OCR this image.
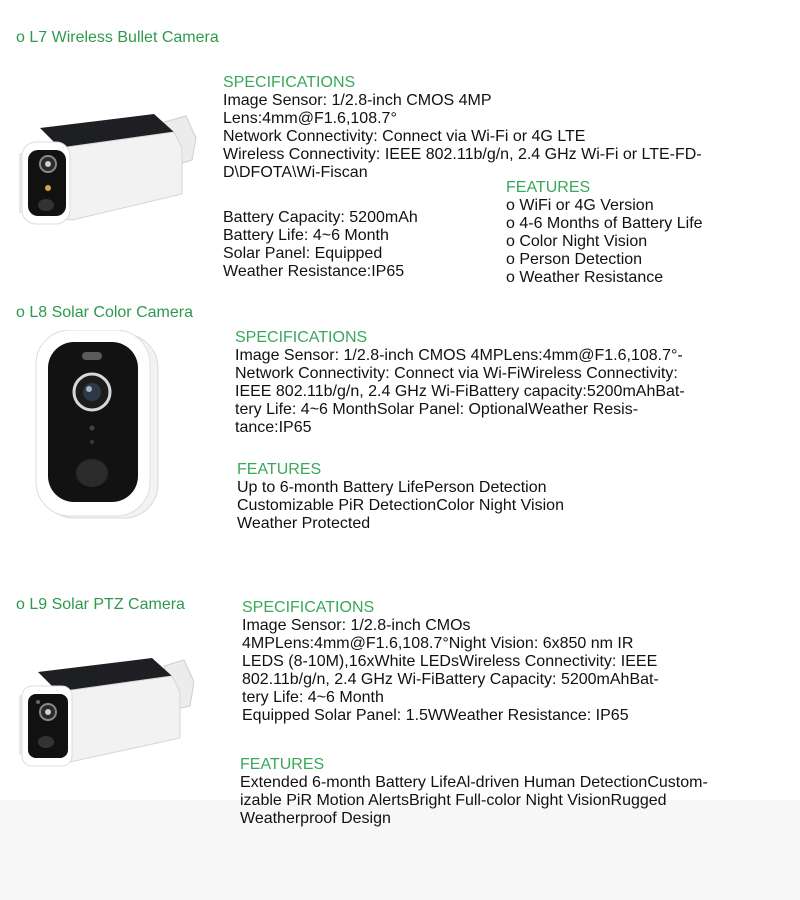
o L7 Wireless Bullet Camera
SPECIFICATIONS
Image Sensor: 1/2.8-inch CMOS 4MP
Lens:4mm@F1.6,108.7°
Network Connectivity: Connect via Wi-Fi or 4G LTE
Wireless Connectivity: IEEE 802.11b/g/n, 2.4 GHz Wi-Fi or LTE-FD-
D\DFOTA\Wi-Fiscan
Battery Capacity: 5200mAh
Battery Life: 4~6 Month
Solar Panel: Equipped
Weather Resistance:IP65
FEATURES
o WiFi or 4G Version
o 4-6 Months of Battery Life
o Color Night Vision
o Person Detection
o Weather Resistance
o L8 Solar Color Camera
SPECIFICATIONS
Image Sensor: 1/2.8-inch CMOS 4MPLens:4mm@F1.6,108.7°-
Network Connectivity: Connect via Wi-FiWireless Connectivity:
IEEE 802.11b/g/n, 2.4 GHz Wi-FiBattery capacity:5200mAhBat-
tery Life: 4~6 MonthSolar Panel: OptionalWeather Resis-
tance:IP65
FEATURES
Up to 6-month Battery LifePerson Detection
Customizable PiR DetectionColor Night Vision
Weather Protected
o L9 Solar PTZ Camera	SPECIFICATIONS
Image Sensor: 1/2.8-inch CMOs
4MPLens:4mm@F1.6,108.7°Night Vision: 6x850 nm IR
LEDS (8-10M),16xWhite LEDsWireless Connectivity: IEEE
802.11b/g/n, 2.4 GHz Wi-FiBattery Capacity: 5200mAhBat-
tery Life: 4~6 Month
Equipped Solar Panel: 1.5WWeather Resistance: IP65
FEATURES
Extended 6-month Battery LifeAl-driven Human DetectionCustom-
izable PiR Motion AlertsBright Full-color Night VisionRugged
Weatherproof Design
